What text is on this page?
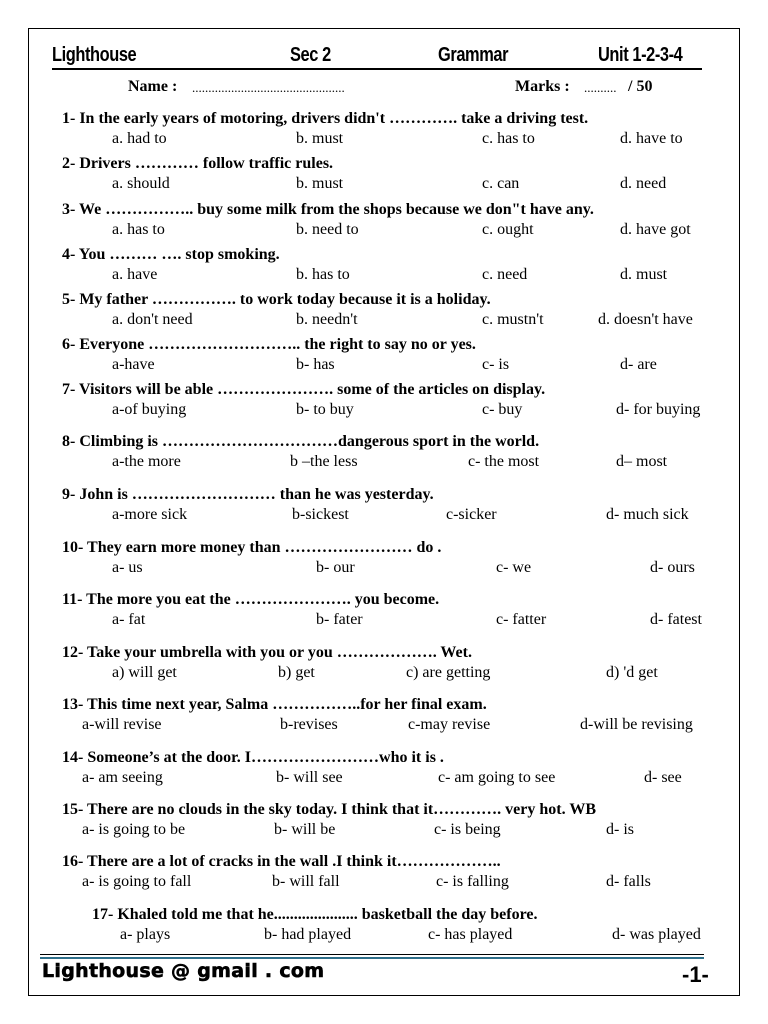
Lighthouse	Sec 2	Grammar	Unit 1-2-3-4
Name : ...............................................	Marks : .......... / 50
1- In the early years of motoring, drivers didn't …………. take a driving test.
a. had to	b. must	c. has to	d. have to
2- Drivers ………… follow traffic rules.
a. should	b. must	c. can	d. need
3- We …………….. buy some milk from the shops because we don"t have any.
a. has to	b. need to	c. ought	d. have got
4- You ……… …. stop smoking.
a. have	b. has to	c. need	d. must
5- My father ……………. to work today because it is a holiday.
a. don't need	b. needn't	c. mustn't	d. doesn't have
6- Everyone ……………………….. the right to say no or yes.
a-have	b- has	c- is	d- are
7- Visitors will be able …………………. some of the articles on display.
a-of buying	b- to buy	c- buy	d- for buying
8- Climbing is ……………………………dangerous sport in the world.
a-the more	b –the less	c- the most	d– most
9- John is ……………………… than he was yesterday.
a-more sick	b-sickest	c-sicker	d- much sick
10- They earn more money than …………………… do .
a- us	b- our	c- we	d- ours
11- The more you eat the …………………. you become.
a- fat	b- fater	c- fatter	d- fatest
12- Take your umbrella with you or you ………………. Wet.
a) will get	b) get	c) are getting	d) 'd get
13- This time next year, Salma ……………..for her final exam.
a-will revise	b-revises	c-may revise	d-will be revising
14- Someone’s at the door. I……………………who it is .
a- am seeing	b- will see	c- am going to see	d- see
15- There are no clouds in the sky today. I think that it…………. very hot. WB
a- is going to be	b- will be	c- is being	d- is
16- There are a lot of cracks in the wall .I think it………………..
a- is going to fall	b- will fall	c- is falling	d- falls
17- Khaled told me that he..................... basketball the day before.
a- plays	b- had played	c- has played	d- was played
Lighthouse @ gmail . com	-1-
